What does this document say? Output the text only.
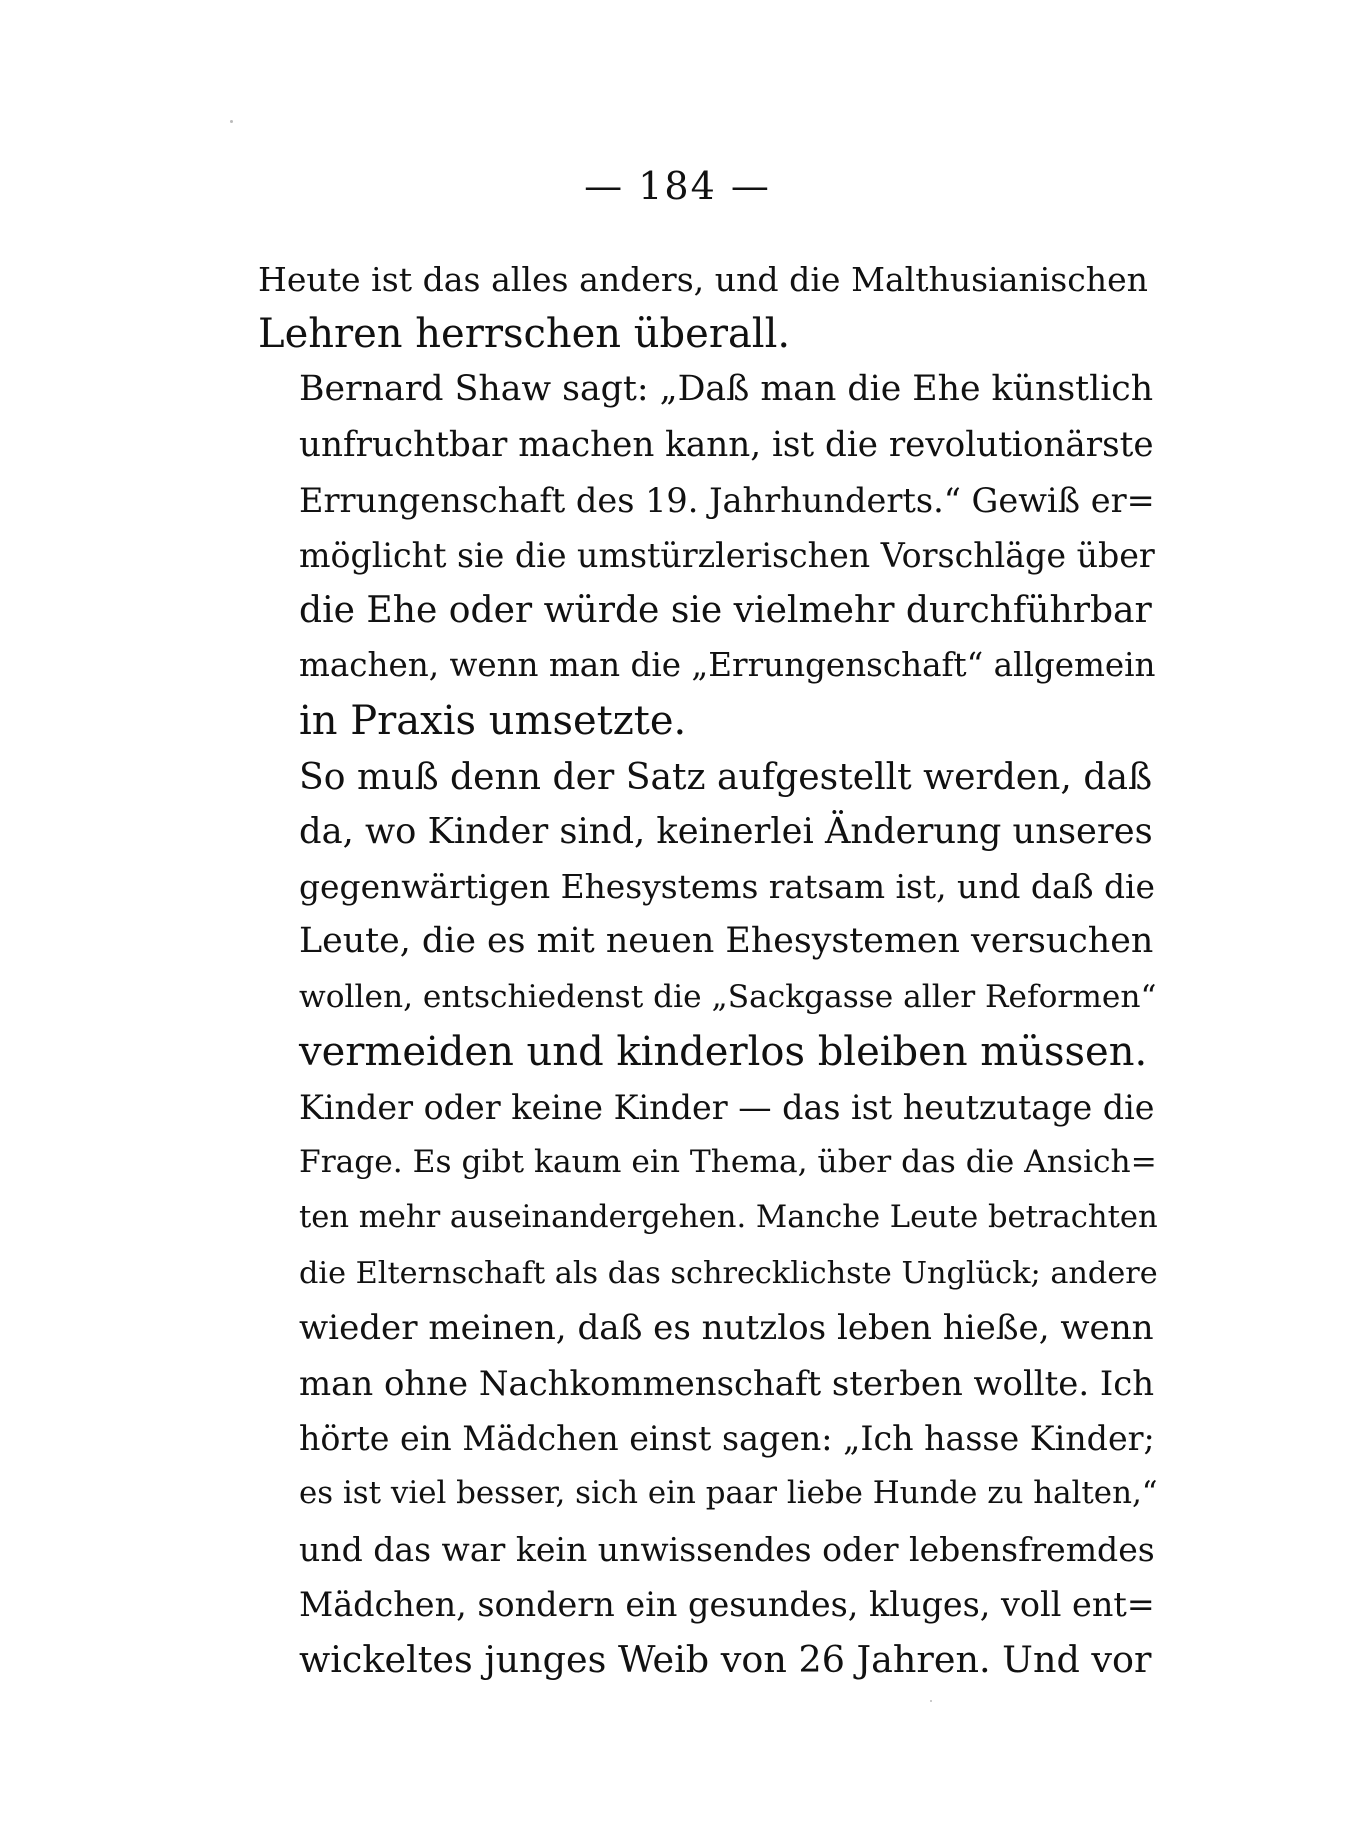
— 184 —
Heute ist das alles anders, und die Malthusianischen
Lehren herrschen überall.
Bernard Shaw sagt: „Daß man die Ehe künstlich
unfruchtbar machen kann, ist die revolutionärste
Errungenschaft des 19. Jahrhunderts.“ Gewiß er=
möglicht sie die umstürzlerischen Vorschläge über
die Ehe oder würde sie vielmehr durchführbar
machen, wenn man die „Errungenschaft“ allgemein
in Praxis umsetzte.
So muß denn der Satz aufgestellt werden, daß
da, wo Kinder sind, keinerlei Änderung unseres
gegenwärtigen Ehesystems ratsam ist, und daß die
Leute, die es mit neuen Ehesystemen versuchen
wollen, entschiedenst die „Sackgasse aller Reformen“
vermeiden und kinderlos bleiben müssen.
Kinder oder keine Kinder — das ist heutzutage die
Frage. Es gibt kaum ein Thema, über das die Ansich=
ten mehr auseinandergehen. Manche Leute betrachten
die Elternschaft als das schrecklichste Unglück; andere
wieder meinen, daß es nutzlos leben hieße, wenn
man ohne Nachkommenschaft sterben wollte. Ich
hörte ein Mädchen einst sagen: „Ich hasse Kinder;
es ist viel besser, sich ein paar liebe Hunde zu halten,“
und das war kein unwissendes oder lebensfremdes
Mädchen, sondern ein gesundes, kluges, voll ent=
wickeltes junges Weib von 26 Jahren. Und vor
